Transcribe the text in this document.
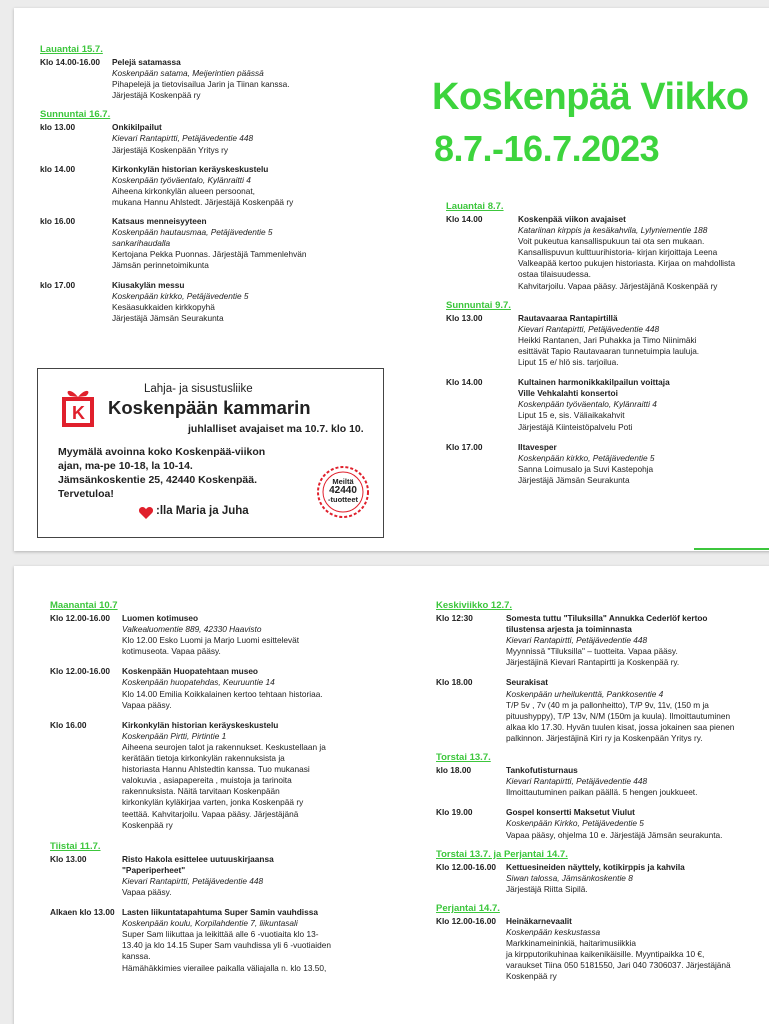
Lauantai 15.7.
Klo 14.00-16.00	Pelejä satamassa
Koskenpään satama, Meijerintien päässä
Pihapelejä ja tietovisailua Jarin ja Tiinan kanssa.
Järjestäjä Koskenpää ry
Sunnuntai 16.7.
klo 13.00	Onkikilpailut
Kievari Rantapirtti, Petäjävedentie 448
Järjestäjä Koskenpään Yritys ry
klo 14.00	Kirkonkylän historian keräyskeskustelu
Koskenpään työväentalo, Kylänraitti 4
Aiheena kirkonkylän alueen persoonat,
mukana Hannu Ahlstedt. Järjestäjä Koskenpää ry
klo 16.00	Katsaus menneisyyteen
Koskenpään hautausmaa, Petäjävedentie 5
sankarihaudalla
Kertojana Pekka Puonnas. Järjestäjä Tammenlehvän
Jämsän perinnetoimikunta
klo 17.00	Kiusakylän messu
Koskenpään kirkko, Petäjävedentie 5
Kesäasukkaiden kirkkopyhä
Järjestäjä Jämsän Seurakunta
Koskenpää Viikko
8.7.-16.7.2023
Lauantai 8.7.
Klo 14.00	Koskenpää viikon avajaiset
Katariinan kirppis ja kesäkahvila, Lylyniementie 188
Voit pukeutua kansallispukuun tai ota sen mukaan.
Kansallispuvun kulttuurihistoria- kirjan kirjoittaja Leena
Valkeapää kertoo pukujen historiasta. Kirjaa on mahdollista
ostaa tilaisuudessa.
Kahvitarjoilu. Vapaa pääsy. Järjestäjänä Koskenpää ry
Sunnuntai 9.7.
Klo 13.00	Rautavaaraa Rantapirtillä
Kievari Rantapirtti, Petäjävedentie 448
Heikki Rantanen, Jari Puhakka ja Timo Niinimäki
esittävät Tapio Rautavaaran tunnetuimpia lauluja.
Liput 15 e/ hlö sis. tarjoilua.
Klo 14.00	Kultainen harmonikkakilpailun voittaja
Ville Vehkalahti konsertoi
Koskenpään työväentalo, Kylänraitti 4
Liput 15 e, sis. Väliaikakahvit
Järjestäjä Kiinteistöpalvelu Poti
Klo 17.00	Iltavesper
Koskenpään kirkko, Petäjävedentie 5
Sanna Loimusalo ja Suvi Kastepohja
Järjestäjä Jämsän Seurakunta
K
Lahja- ja sisustusliike
Koskenpään kammarin
juhlalliset avajaiset ma 10.7. klo 10.
Myymälä avoinna koko Koskenpää-viikon
ajan, ma-pe 10-18, la 10-14.
Jämsänkoskentie 25, 42440 Koskenpää.
Tervetuloa!
:lla Maria ja Juha
Meiltä
42440
-tuotteet
Maanantai 10.7
Klo 12.00-16.00	Luomen kotimuseo
Valkealuomentie 889, 42330 Haavisto
Klo 12.00 Esko Luomi ja Marjo Luomi esittelevät
kotimuseota. Vapaa pääsy.
Klo 12.00-16.00	Koskenpään Huopatehtaan museo
Koskenpään huopatehdas, Keuruuntie 14
Klo 14.00 Emilia Koikkalainen kertoo tehtaan historiaa.
Vapaa pääsy.
Klo 16.00	Kirkonkylän historian keräyskeskustelu
Koskenpään Pirtti, Pirtintie 1
Aiheena seurojen talot ja rakennukset. Keskustellaan ja
kerätään tietoja kirkonkylän rakennuksista ja
historiasta Hannu Ahlstedtin kanssa. Tuo mukanasi
valokuvia , asiapapereita , muistoja ja tarinoita
rakennuksista. Näitä tarvitaan Koskenpään
kirkonkylän kyläkirjaa varten, jonka Koskenpää ry
teettää. Kahvitarjoilu. Vapaa pääsy. Järjestäjänä
Koskenpää ry
Tiistai 11.7.
Klo 13.00	Risto Hakola esittelee uutuuskirjaansa
"Paperiperheet"
Kievari Rantapirtti, Petäjävedentie 448
Vapaa pääsy.
Alkaen klo 13.00 Lasten liikuntatapahtuma Super Samin vauhdissa
Koskenpään koulu, Korpilahdentie 7, liikuntasali
Super Sam liikuttaa ja leikittää alle 6 -vuotiaita klo 13-
13.40 ja klo 14.15 Super Sam vauhdissa yli 6 -vuotiaiden
kanssa.
Hämähäkkimies vierailee paikalla väliajalla n. klo 13.50,
Keskiviikko 12.7.
Klo 12:30	Somesta tuttu "Tiluksilla" Annukka Cederlöf kertoo
tilustensa arjesta ja toiminnasta
Kievari Rantapirtti, Petäjävedentie 448
Myynnissä "Tiluksilla" – tuotteita. Vapaa pääsy.
Järjestäjinä Kievari Rantapirtti ja Koskenpää ry.
Klo 18.00	Seurakisat
Koskenpään urheilukenttä, Pankkosentie 4
T/P 5v , 7v (40 m ja pallonheitto), T/P 9v, 11v, (150 m ja
pituushyppy), T/P 13v, N/M (150m ja kuula). Ilmoittautuminen
alkaa klo 17.30. Hyvän tuulen kisat, jossa jokainen saa pienen
palkinnon. Järjestäjinä Kiri ry ja Koskenpään Yritys ry.
Torstai 13.7.
klo 18.00	Tankofutisturnaus
Kievari Rantapirtti, Petäjävedentie 448
Ilmoittautuminen paikan päällä. 5 hengen joukkueet.
Klo 19.00	Gospel konsertti Maksetut Viulut
Koskenpään Kirkko, Petäjävedentie 5
Vapaa pääsy, ohjelma 10 e. Järjestäjä Jämsän seurakunta.
Torstai 13.7. ja Perjantai 14.7.
Klo 12.00-16.00	Kettuesineiden näyttely, kotikirppis ja kahvila
Siwan talossa, Jämsänkoskentie 8
Järjestäjä Riitta Sipilä.
Perjantai 14.7.
Klo 12.00-16.00	Heinäkarnevaalit
Koskenpään keskustassa
Markkinameininkiä, haitarimusiikkia
ja kirpputorikuhinaa kaikenikäisille. Myyntipaikka 10 €,
varaukset Tiina 050 5181550, Jari 040 7306037. Järjestäjänä
Koskenpää ry
